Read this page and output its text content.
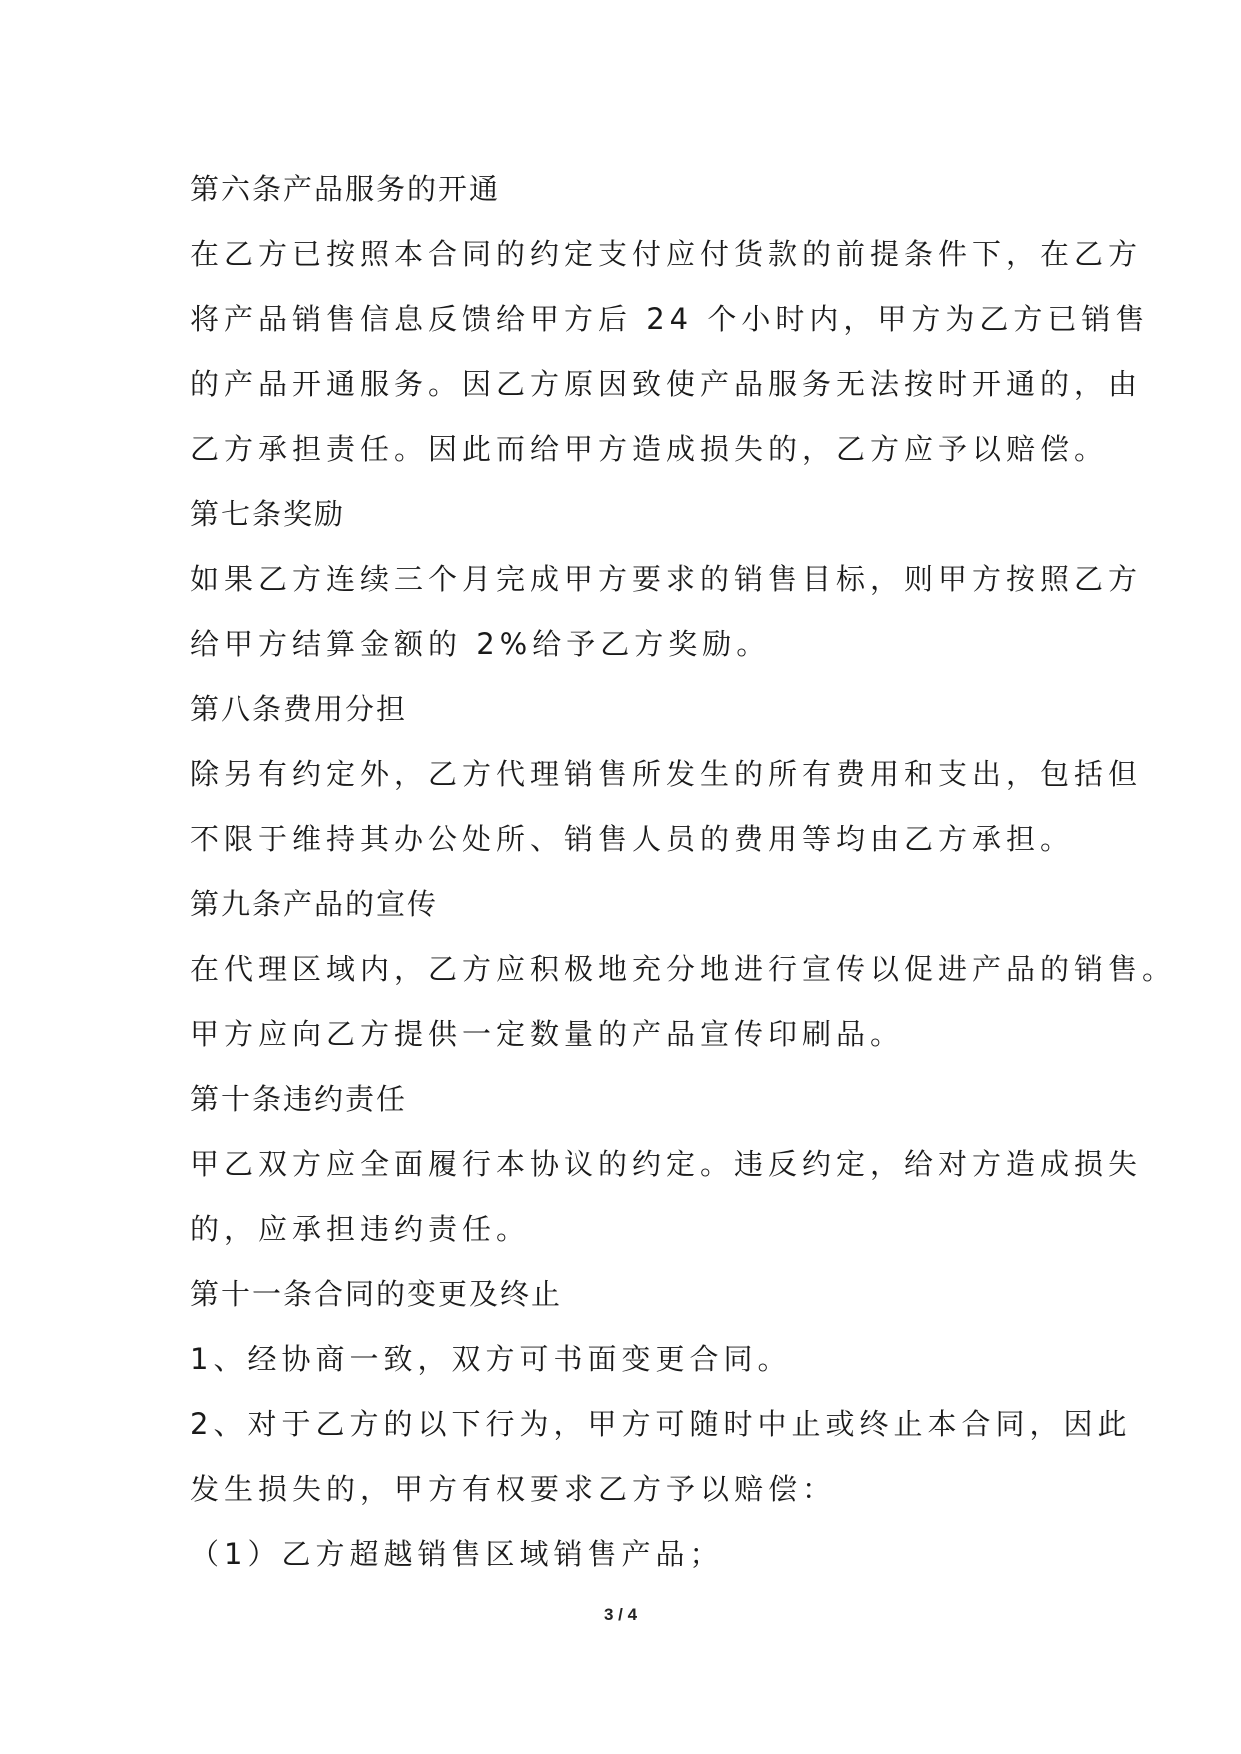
第六条产品服务的开通

在乙方已按照本合同的约定支付应付货款的前提条件下，在乙方

将产品销售信息反馈给甲方后 24 个小时内，甲方为乙方已销售

的产品开通服务。因乙方原因致使产品服务无法按时开通的，由

乙方承担责任。因此而给甲方造成损失的，乙方应予以赔偿。

第七条奖励

如果乙方连续三个月完成甲方要求的销售目标，则甲方按照乙方

给甲方结算金额的 2%给予乙方奖励。

第八条费用分担

除另有约定外，乙方代理销售所发生的所有费用和支出，包括但

不限于维持其办公处所、销售人员的费用等均由乙方承担。

第九条产品的宣传

在代理区域内，乙方应积极地充分地进行宣传以促进产品的销售。

甲方应向乙方提供一定数量的产品宣传印刷品。

第十条违约责任

甲乙双方应全面履行本协议的约定。违反约定，给对方造成损失

的，应承担违约责任。

第十一条合同的变更及终止

1、经协商一致，双方可书面变更合同。

2、对于乙方的以下行为，甲方可随时中止或终止本合同，因此

发生损失的，甲方有权要求乙方予以赔偿：

（1）乙方超越销售区域销售产品；

3 / 4
